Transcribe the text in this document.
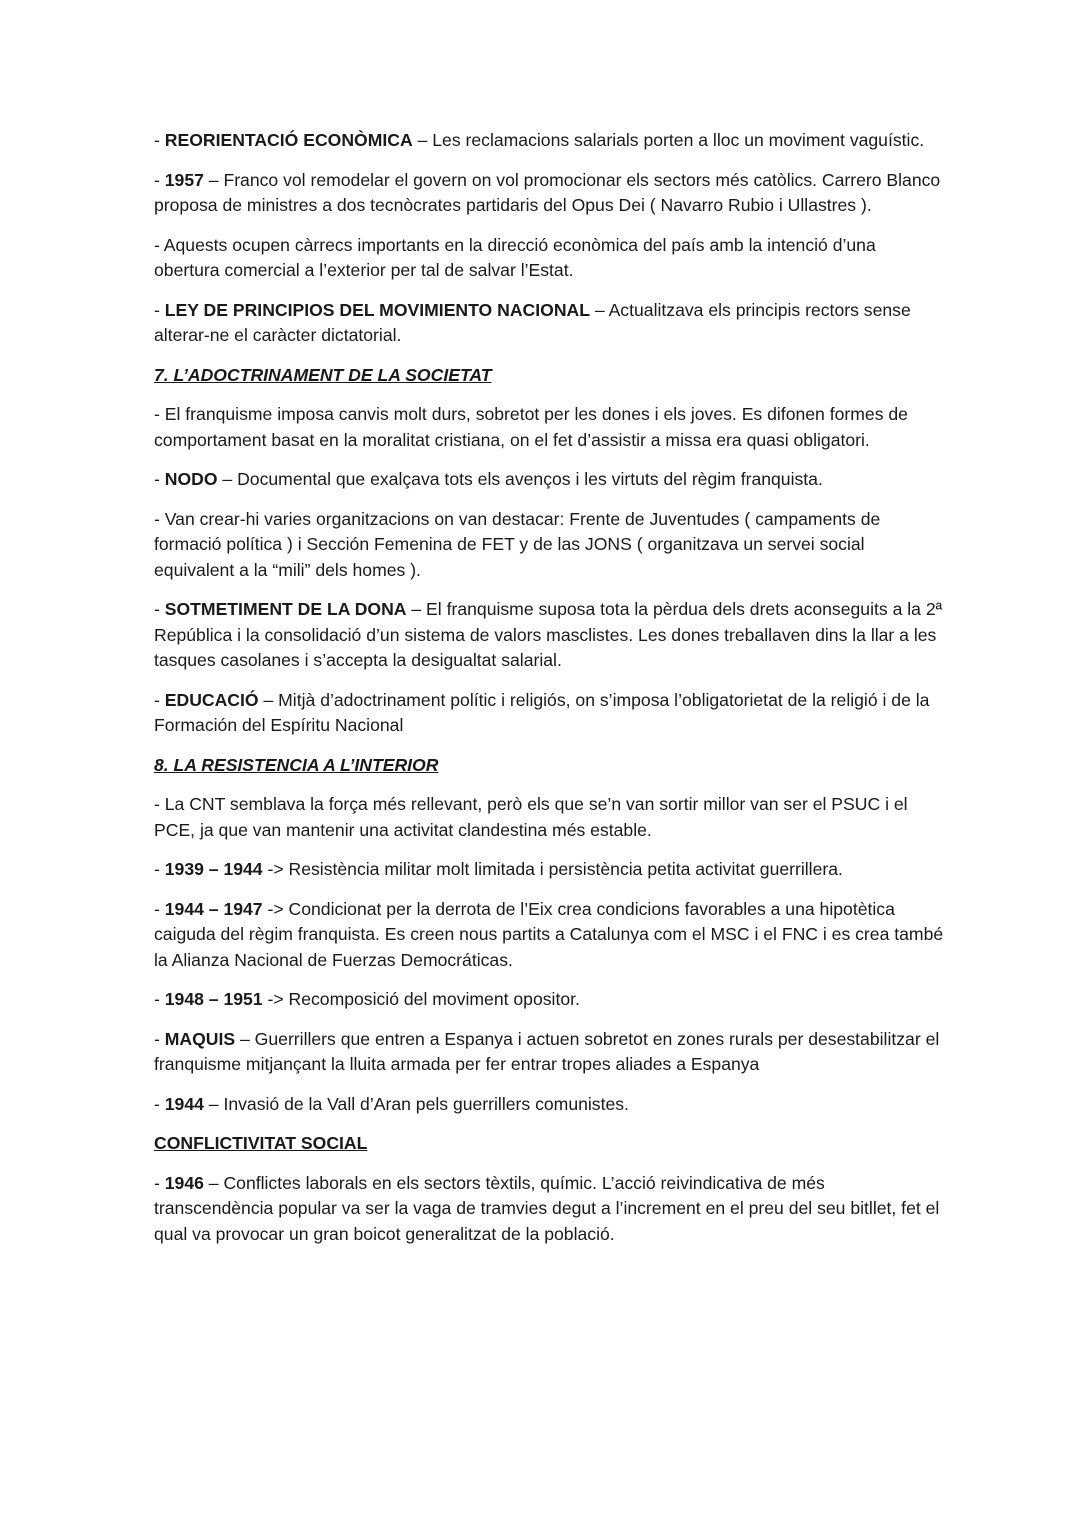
- REORIENTACIÓ ECONÒMICA – Les reclamacions salarials porten a lloc un moviment vaguístic.
- 1957 – Franco vol remodelar el govern on vol promocionar els sectors més catòlics. Carrero Blanco proposa de ministres a dos tecnòcrates partidaris del Opus Dei ( Navarro Rubio i Ullastres ).
- Aquests ocupen càrrecs importants en la direcció econòmica del país amb la intenció d’una obertura comercial a l’exterior per tal de salvar l’Estat.
- LEY DE PRINCIPIOS DEL MOVIMIENTO NACIONAL – Actualitzava els principis rectors sense alterar-ne el caràcter dictatorial.
7. L’ADOCTRINAMENT DE LA SOCIETAT
- El franquisme imposa canvis molt durs, sobretot per les dones i els joves. Es difonen formes de comportament basat en la moralitat cristiana, on el fet d’assistir a missa era quasi obligatori.
- NODO – Documental que exalçava tots els avenços i les virtuts del règim franquista.
- Van crear-hi varies organitzacions on van destacar: Frente de Juventudes ( campaments de formació política ) i Sección Femenina de FET y de las JONS ( organitzava un servei social equivalent a la “mili” dels homes ).
- SOTMETIMENT DE LA DONA – El franquisme suposa tota la pèrdua dels drets aconseguits a la 2ª República i la consolidació d’un sistema de valors masclistes. Les dones treballaven dins la llar a les tasques casolanes i s’accepta la desigualtat salarial.
- EDUCACIÓ – Mitjà d’adoctrinament polític i religiós, on s’imposa l’obligatorietat de la religió i de la Formación del Espíritu Nacional
8. LA RESISTENCIA A L’INTERIOR
- La CNT semblava la força més rellevant, però els que se’n van sortir millor van ser el PSUC i el PCE, ja que van mantenir una activitat clandestina més estable.
- 1939 – 1944 -> Resistència militar molt limitada i persistència petita activitat guerrillera.
- 1944 – 1947 -> Condicionat per la derrota de l’Eix crea condicions favorables a una hipotètica caiguda del règim franquista. Es creen nous partits a Catalunya com el MSC i el FNC i es crea també la Alianza Nacional de Fuerzas Democráticas.
- 1948 – 1951 -> Recomposició del moviment opositor.
- MAQUIS – Guerrillers que entren a Espanya i actuen sobretot en zones rurals per desestabilitzar el franquisme mitjançant la lluita armada per fer entrar tropes aliades a Espanya
- 1944 – Invasió de la Vall d’Aran pels guerrillers comunistes.
CONFLICTIVITAT SOCIAL
- 1946 – Conflictes laborals en els sectors tèxtils, químic. L’acció reivindicativa de més transcendència popular va ser la vaga de tramvies degut a l’increment en el preu del seu bitllet, fet el qual va provocar un gran boicot generalitzat de la població.
